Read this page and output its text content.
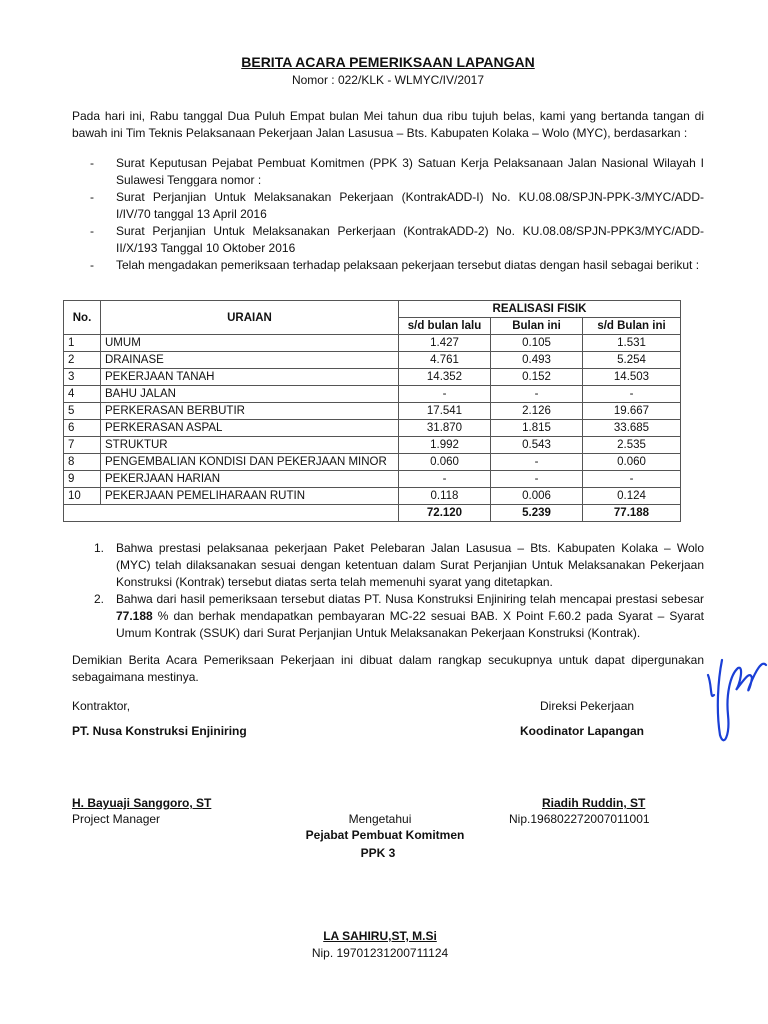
BERITA ACARA PEMERIKSAAN LAPANGAN
Nomor : 022/KLK - WLMYC/IV/2017
Pada hari ini, Rabu tanggal Dua Puluh Empat bulan Mei tahun dua ribu tujuh belas, kami yang bertanda tangan di bawah ini Tim Teknis Pelaksanaan Pekerjaan Jalan Lasusua – Bts. Kabupaten Kolaka – Wolo (MYC), berdasarkan :
- Surat Keputusan Pejabat Pembuat Komitmen (PPK 3) Satuan Kerja Pelaksanaan Jalan Nasional Wilayah I Sulawesi Tenggara nomor :
- Surat Perjanjian Untuk Melaksanakan Pekerjaan (KontrakADD-I) No. KU.08.08/SPJN-PPK-3/MYC/ADD-I/IV/70 tanggal 13 April 2016
- Surat Perjanjian Untuk Melaksanakan Perkerjaan (KontrakADD-2) No. KU.08.08/SPJN-PPK3/MYC/ADD-II/X/193 Tanggal 10 Oktober 2016
- Telah mengadakan pemeriksaan terhadap pelaksaan pekerjaan tersebut diatas dengan hasil sebagai berikut :
No.	URAIAN	REALISASI FISIK		
		s/d bulan lalu	Bulan ini	s/d Bulan ini
1	UMUM	1.427	0.105	1.531
2	DRAINASE	4.761	0.493	5.254
3	PEKERJAAN TANAH	14.352	0.152	14.503
4	BAHU JALAN	-	-	-
5	PERKERASAN BERBUTIR	17.541	2.126	19.667
6	PERKERASAN ASPAL	31.870	1.815	33.685
7	STRUKTUR	1.992	0.543	2.535
8	PENGEMBALIAN KONDISI DAN PEKERJAAN MINOR	0.060	-	0.060
9	PEKERJAAN HARIAN	-	-	-
10	PEKERJAAN PEMELIHARAAN RUTIN	0.118	0.006	0.124
		72.120	5.239	77.188
1. Bahwa prestasi pelaksanaa pekerjaan Paket Pelebaran Jalan Lasusua – Bts. Kabupaten Kolaka – Wolo (MYC) telah dilaksanakan sesuai dengan ketentuan dalam Surat Perjanjian Untuk Melaksanakan Pekerjaan Konstruksi (Kontrak) tersebut diatas serta telah memenuhi syarat yang ditetapkan.
2. Bahwa dari hasil pemeriksaan tersebut diatas PT. Nusa Konstruksi Enjiniring telah mencapai prestasi sebesar 77.188 % dan berhak mendapatkan pembayaran MC-22 sesuai BAB. X Point F.60.2 pada Syarat – Syarat Umum Kontrak (SSUK) dari Surat Perjanjian Untuk Melaksanakan Pekerjaan Konstruksi (Kontrak).
Demikian Berita Acara Pemeriksaan Pekerjaan ini dibuat dalam rangkap secukupnya untuk dapat dipergunakan sebagaimana mestinya.
Kontraktor,
PT. Nusa Konstruksi Enjiniring
Direksi Pekerjaan
Koodinator Lapangan
H. Bayuaji Sanggoro, ST
Project Manager
Riadih Ruddin, ST
Nip.196802272007011001
Mengetahui
Pejabat Pembuat Komitmen
PPK 3
LA SAHIRU,ST, M.Si
Nip. 19701231200711124
